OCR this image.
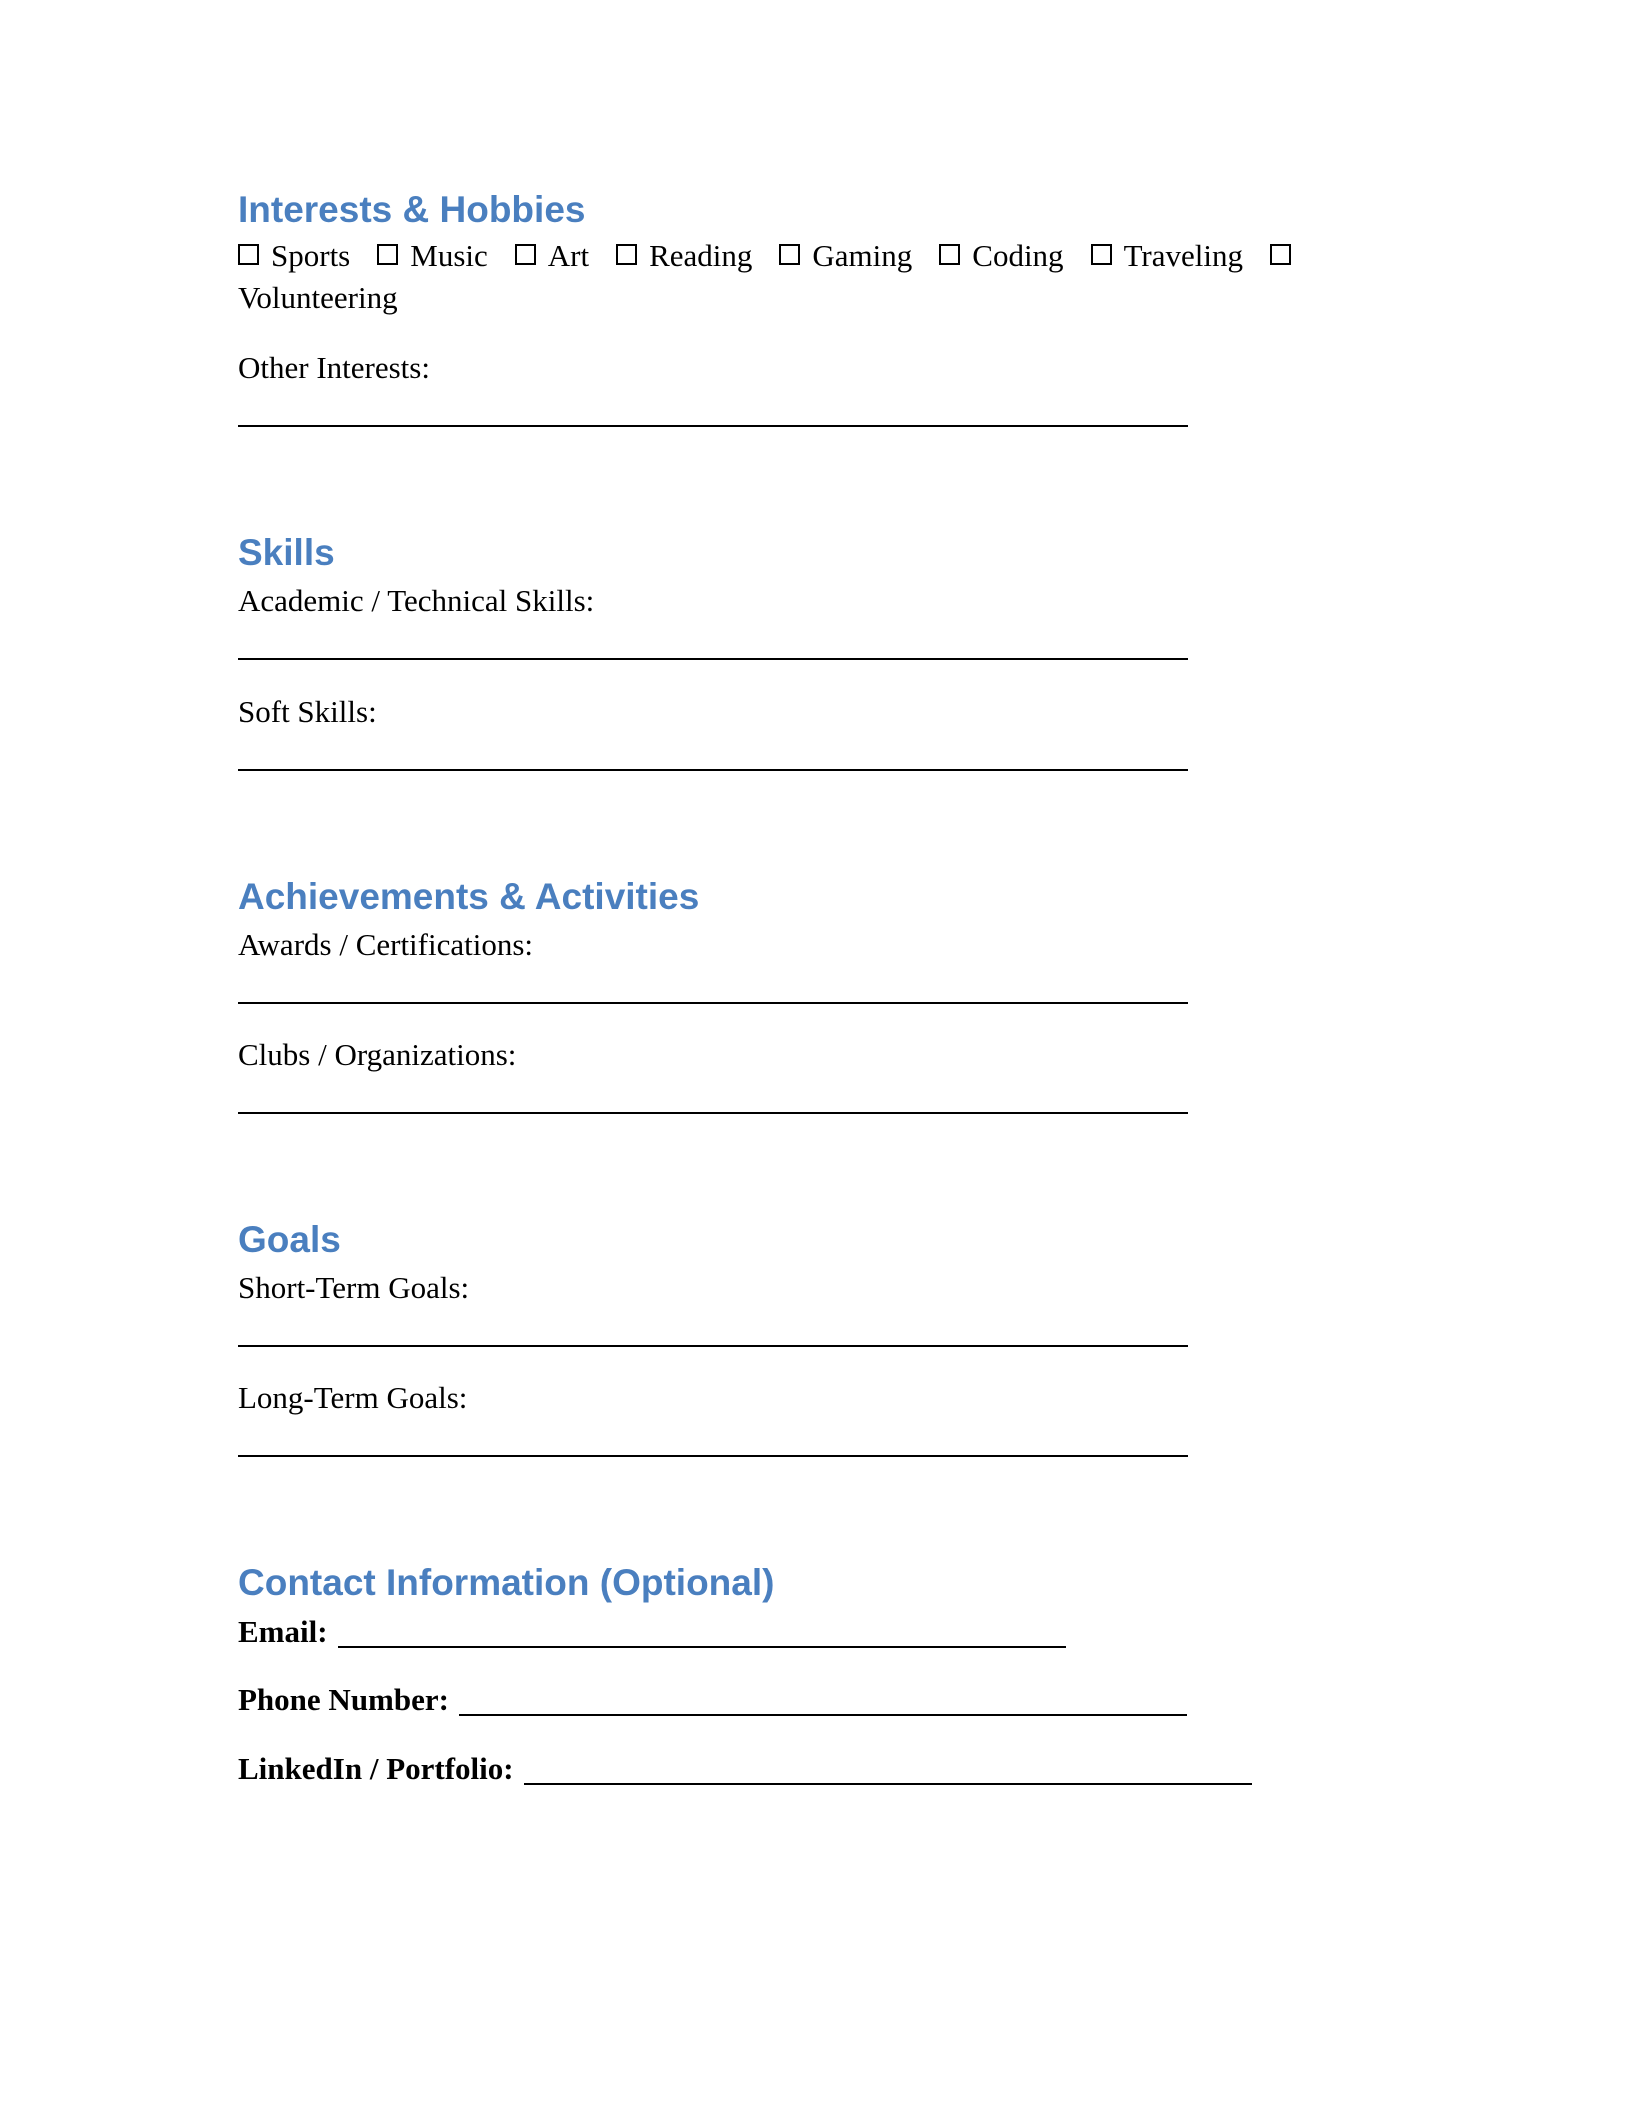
Interests & Hobbies
Sports Music Art Reading Gaming Coding Traveling
Volunteering
Other Interests:
Skills
Academic / Technical Skills:
Soft Skills:
Achievements & Activities
Awards / Certifications:
Clubs / Organizations:
Goals
Short-Term Goals:
Long-Term Goals:
Contact Information (Optional)
Email:
Phone Number:
LinkedIn / Portfolio:
